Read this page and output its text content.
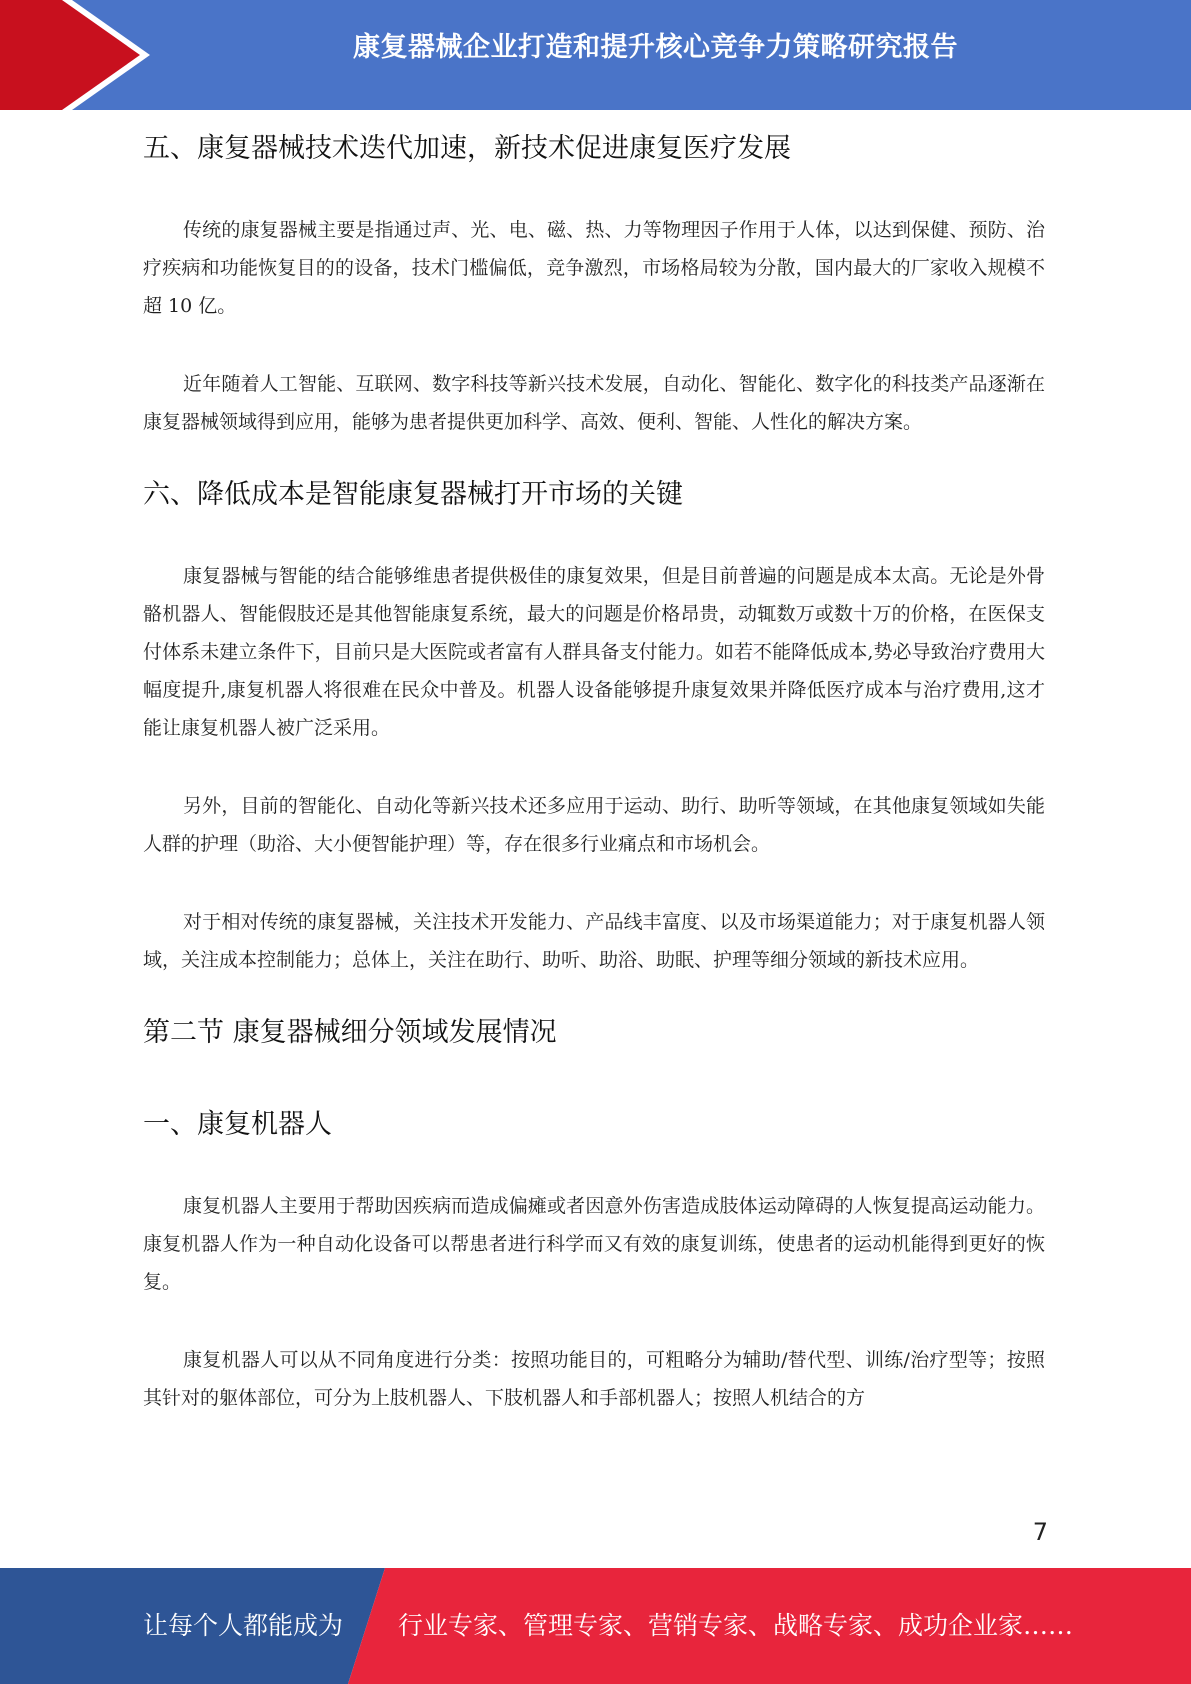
康复器械企业打造和提升核心竞争力策略研究报告
五、康复器械技术迭代加速，新技术促进康复医疗发展

传统的康复器械主要是指通过声、光、电、磁、热、力等物理因子作用于人体，以达到保健、预防、治疗疾病和功能恢复目的的设备，技术门槛偏低，竞争激烈，市场格局较为分散，国内最大的厂家收入规模不超 10 亿。

近年随着人工智能、互联网、数字科技等新兴技术发展，自动化、智能化、数字化的科技类产品逐渐在康复器械领域得到应用，能够为患者提供更加科学、高效、便利、智能、人性化的解决方案。

六、降低成本是智能康复器械打开市场的关键

康复器械与智能的结合能够维患者提供极佳的康复效果，但是目前普遍的问题是成本太高。无论是外骨骼机器人、智能假肢还是其他智能康复系统，最大的问题是价格昂贵，动辄数万或数十万的价格，在医保支付体系未建立条件下，目前只是大医院或者富有人群具备支付能力。如若不能降低成本,势必导致治疗费用大幅度提升,康复机器人将很难在民众中普及。机器人设备能够提升康复效果并降低医疗成本与治疗费用,这才能让康复机器人被广泛采用。

另外，目前的智能化、自动化等新兴技术还多应用于运动、助行、助听等领域，在其他康复领域如失能人群的护理（助浴、大小便智能护理）等，存在很多行业痛点和市场机会。

对于相对传统的康复器械，关注技术开发能力、产品线丰富度、以及市场渠道能力；对于康复机器人领域，关注成本控制能力；总体上，关注在助行、助听、助浴、助眠、护理等细分领域的新技术应用。

第二节 康复器械细分领域发展情况
一、康复机器人

康复机器人主要用于帮助因疾病而造成偏瘫或者因意外伤害造成肢体运动障碍的人恢复提高运动能力。康复机器人作为一种自动化设备可以帮患者进行科学而又有效的康复训练，使患者的运动机能得到更好的恢复。

康复机器人可以从不同角度进行分类：按照功能目的，可粗略分为辅助/替代型、训练/治疗型等；按照其针对的躯体部位，可分为上肢机器人、下肢机器人和手部机器人；按照人机结合的方

7
让每个人都能成为 行业专家、管理专家、营销专家、战略专家、成功企业家……
